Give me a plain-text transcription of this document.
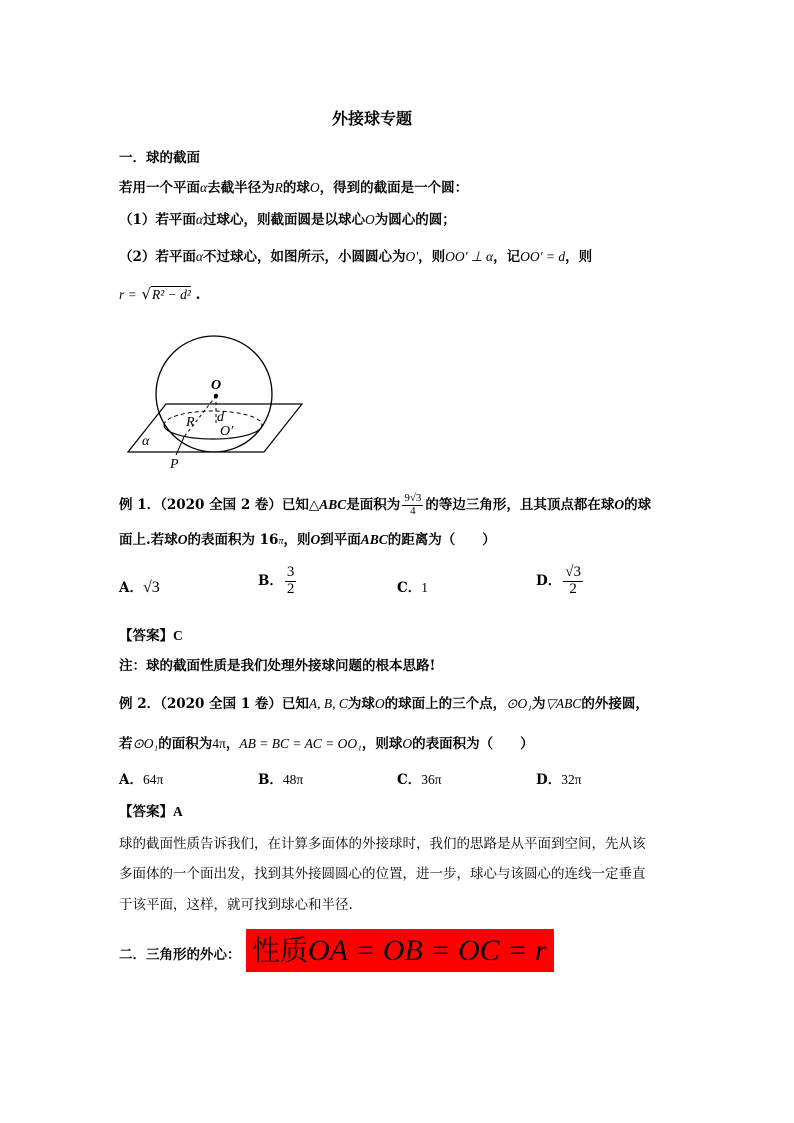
外接球专题
一．球的截面
若用一个平面α去截半径为R的球O，得到的截面是一个圆：
（1）若平面α过球心，则截面圆是以球心O为圆心的圆；
（2）若平面α不过球心，如图所示，小圆圆心为O'，则OO' ⊥ α，记OO' = d，则
r = √R² − d² .
O
R d
O′
α
P
例 1．（2020 全国 2 卷）已知△ABC是面积为 $\frac{9√3}{4}$ 的等边三角形，且其顶点都在球O的球
面上.若球O的表面积为 16π，则O到平面ABC的距离为（　　）
A．√3	B． $\frac{3}{2}$	C．1	D． $\frac{√3}{2}$
【答案】C
注：球的截面性质是我们处理外接球问题的根本思路!
例 2．（2020 全国 1 卷）已知A, B, C为球O的球面上的三个点，⊙O₁为▽ABC的外接圆，
若⊙O₁的面积为4π，AB = BC = AC = OO₁，则球O的表面积为（　　）
A．64π	B．48π	C．36π	D．32π
【答案】A
球的截面性质告诉我们，在计算多面体的外接球时，我们的思路是从平面到空间，先从该
多面体的一个面出发，找到其外接圆圆心的位置，进一步，球心与该圆心的连线一定垂直
于该平面，这样，就可找到球心和半径.
二．三角形的外心： 性质OA = OB = OC = r
